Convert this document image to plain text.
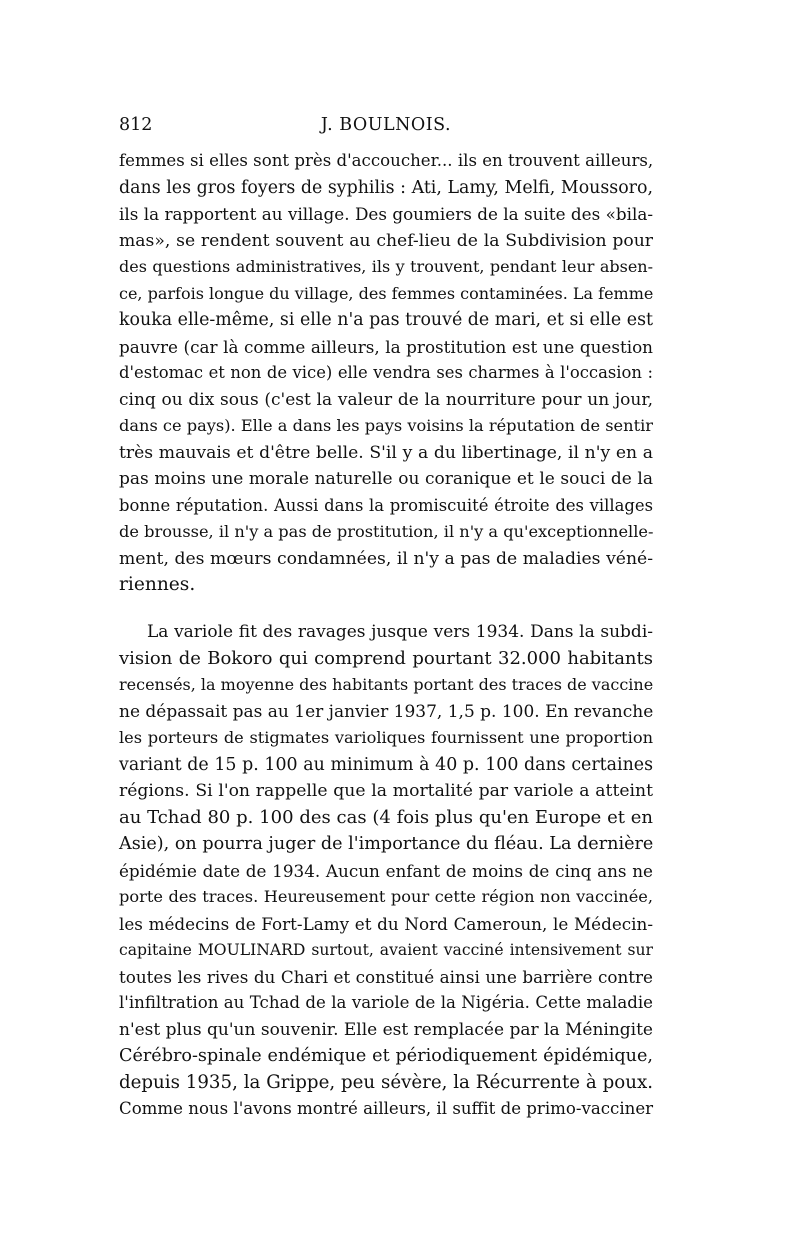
812	J. BOULNOIS.
femmes si elles sont près d'accoucher... ils en trouvent ailleurs,
dans les gros foyers de syphilis : Ati, Lamy, Melfi, Moussoro,
ils la rapportent au village. Des goumiers de la suite des «bila-
mas», se rendent souvent au chef-lieu de la Subdivision pour
des questions administratives, ils y trouvent, pendant leur absen-
ce, parfois longue du village, des femmes contaminées. La femme
kouka elle-même, si elle n'a pas trouvé de mari, et si elle est
pauvre (car là comme ailleurs, la prostitution est une question
d'estomac et non de vice) elle vendra ses charmes à l'occasion :
cinq ou dix sous (c'est la valeur de la nourriture pour un jour,
dans ce pays). Elle a dans les pays voisins la réputation de sentir
très mauvais et d'être belle. S'il y a du libertinage, il n'y en a
pas moins une morale naturelle ou coranique et le souci de la
bonne réputation. Aussi dans la promiscuité étroite des villages
de brousse, il n'y a pas de prostitution, il n'y a qu'exceptionnelle-
ment, des mœurs condamnées, il n'y a pas de maladies véné-
riennes.
La variole fit des ravages jusque vers 1934. Dans la subdi-
vision de Bokoro qui comprend pourtant 32.000 habitants
recensés, la moyenne des habitants portant des traces de vaccine
ne dépassait pas au 1er janvier 1937, 1,5 p. 100. En revanche
les porteurs de stigmates varioliques fournissent une proportion
variant de 15 p. 100 au minimum à 40 p. 100 dans certaines
régions. Si l'on rappelle que la mortalité par variole a atteint
au Tchad 80 p. 100 des cas (4 fois plus qu'en Europe et en
Asie), on pourra juger de l'importance du fléau. La dernière
épidémie date de 1934. Aucun enfant de moins de cinq ans ne
porte des traces. Heureusement pour cette région non vaccinée,
les médecins de Fort-Lamy et du Nord Cameroun, le Médecin-
capitaine MOULINARD surtout, avaient vacciné intensivement sur
toutes les rives du Chari et constitué ainsi une barrière contre
l'infiltration au Tchad de la variole de la Nigéria. Cette maladie
n'est plus qu'un souvenir. Elle est remplacée par la Méningite
Cérébro-spinale endémique et périodiquement épidémique,
depuis 1935, la Grippe, peu sévère, la Récurrente à poux.
Comme nous l'avons montré ailleurs, il suffit de primo-vacciner
